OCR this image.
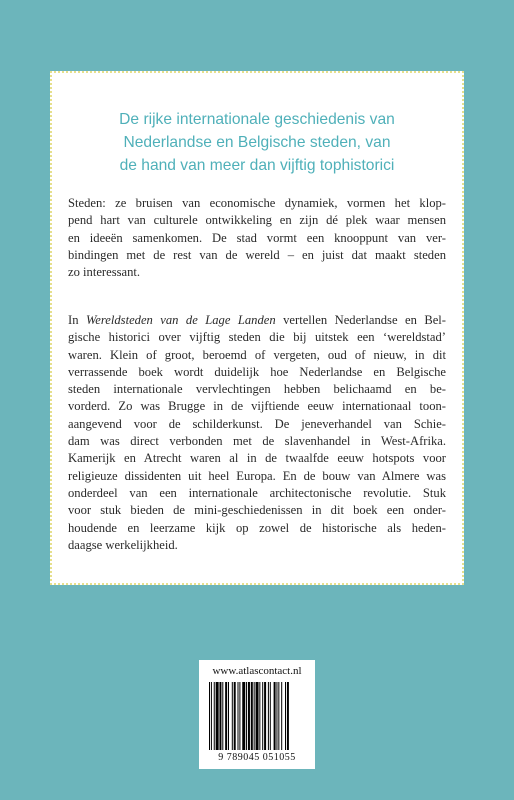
De rijke internationale geschiedenis van
Nederlandse en Belgische steden, van
de hand van meer dan vijftig tophistorici
Steden: ze bruisen van economische dynamiek, vormen het klop-
pend hart van culturele ontwikkeling en zijn dé plek waar mensen
en ideeën samenkomen. De stad vormt een knooppunt van ver-
bindingen met de rest van de wereld – en juist dat maakt steden
zo interessant.
In Wereldsteden van de Lage Landen vertellen Nederlandse en Bel-
gische historici over vijftig steden die bij uitstek een ‘wereldstad’
waren. Klein of groot, beroemd of vergeten, oud of nieuw, in dit
verrassende boek wordt duidelijk hoe Nederlandse en Belgische
steden internationale vervlechtingen hebben belichaamd en be-
vorderd. Zo was Brugge in de vijftiende eeuw internationaal toon-
aangevend voor de schilderkunst. De jeneverhandel van Schie-
dam was direct verbonden met de slavenhandel in West-Afrika.
Kamerijk en Atrecht waren al in de twaalfde eeuw hotspots voor
religieuze dissidenten uit heel Europa. En de bouw van Almere was
onderdeel van een internationale architectonische revolutie. Stuk
voor stuk bieden de mini-geschiedenissen in dit boek een onder-
houdende en leerzame kijk op zowel de historische als heden-
daagse werkelijkheid.
www.atlascontact.nl
9 789045 051055
